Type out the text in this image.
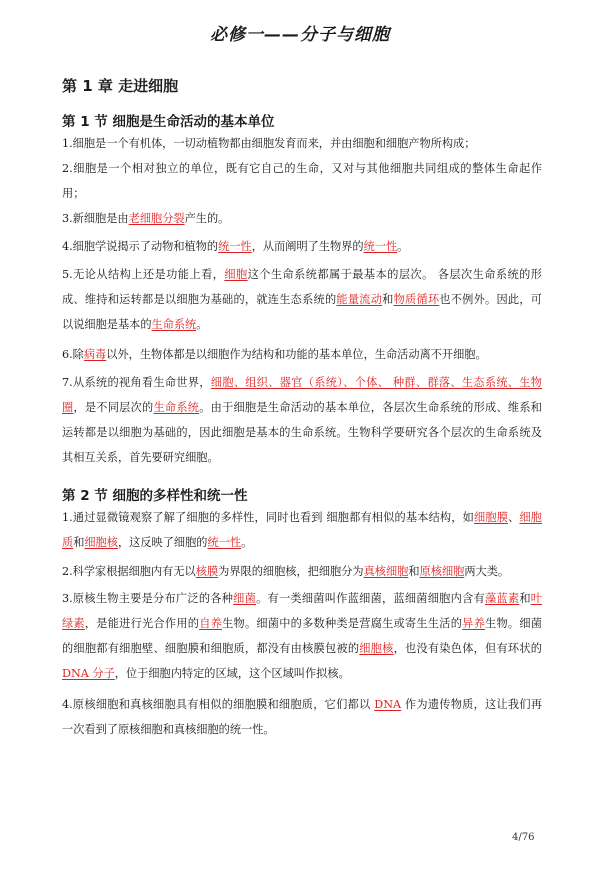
必修一——分子与细胞
第 1 章 走进细胞
第 1 节 细胞是生命活动的基本单位

1.细胞是一个有机体，一切动植物都由细胞发育而来，并由细胞和细胞产物所构成；

2.细胞是一个相对独立的单位，既有它自己的生命，又对与其他细胞共同组成的整体生命起作用；

3.新细胞是由老细胞分裂产生的。

4.细胞学说揭示了动物和植物的统一性，从而阐明了生物界的统一性。

5.无论从结构上还是功能上看，细胞这个生命系统都属于最基本的层次。 各层次生命系统的形成、维持和运转都是以细胞为基础的，就连生态系统的能量流动和物质循环也不例外。因此，可以说细胞是基本的生命系统。

6.除病毒以外，生物体都是以细胞作为结构和功能的基本单位，生命活动离不开细胞。

7.从系统的视角看生命世界，细胞、组织、器官（系统）、个体、 种群、群落、生态系统、生物圈，是不同层次的生命系统。由于细胞是生命活动的基本单位，各层次生命系统的形成、维系和运转都是以细胞为基础的，因此细胞是基本的生命系统。生物科学要研究各个层次的生命系统及其相互关系，首先要研究细胞。

第 2 节 细胞的多样性和统一性

1.通过显微镜观察了解了细胞的多样性，同时也看到 细胞都有相似的基本结构，如细胞膜、细胞质和细胞核，这反映了细胞的统一性。

2.科学家根据细胞内有无以核膜为界限的细胞核，把细胞分为真核细胞和原核细胞两大类。

3.原核生物主要是分布广泛的各种细菌。有一类细菌叫作蓝细菌，蓝细菌细胞内含有藻蓝素和叶绿素，是能进行光合作用的自养生物。细菌中的多数种类是营腐生或寄生生活的异养生物。细菌的细胞都有细胞壁、细胞膜和细胞质，都没有由核膜包被的细胞核，也没有染色体，但有环状的 DNA 分子，位于细胞内特定的区域，这个区域叫作拟核。

4.原核细胞和真核细胞具有相似的细胞膜和细胞质，它们都以 DNA 作为遗传物质，这让我们再一次看到了原核细胞和真核细胞的统一性。

4/76
